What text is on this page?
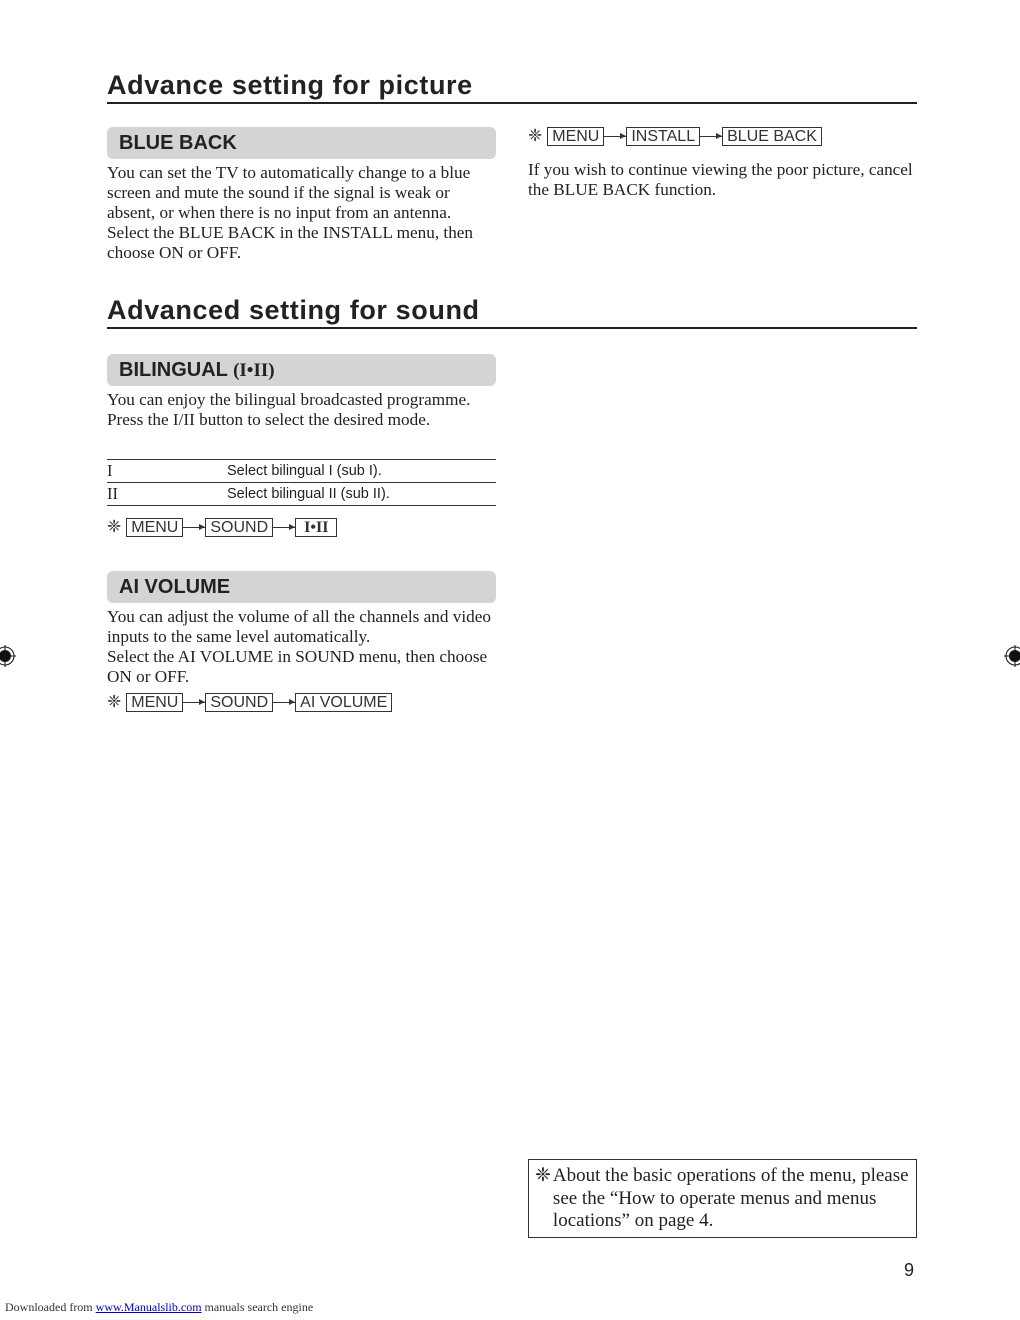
Advance setting for picture
BLUE BACK

You can set the TV to automatically change to a blue screen and mute the sound if the signal is weak or absent, or when there is no input from an antenna.

Select the BLUE BACK in the INSTALL menu, then choose ON or OFF.

❈ MENU	INSTALL	BLUE BACK

If you wish to continue viewing the poor picture, cancel the BLUE BACK function.

Advanced setting for sound
BILINGUAL (I•II)

You can enjoy the bilingual broadcasted programme.

Press the I/II button to select the desired mode.

I	Select bilingual I (sub I).
II	Select bilingual II (sub II).
❈ MENU	SOUND	I•II
AI VOLUME

You can adjust the volume of all the channels and video inputs to the same level automatically.

Select the AI VOLUME in SOUND menu, then choose ON or OFF.

❈ MENU	SOUND	AI VOLUME
❈ About the basic operations of the menu, please see the “How to operate menus and menus locations” on page 4.
9
Downloaded from www.Manualslib.com manuals search engine
